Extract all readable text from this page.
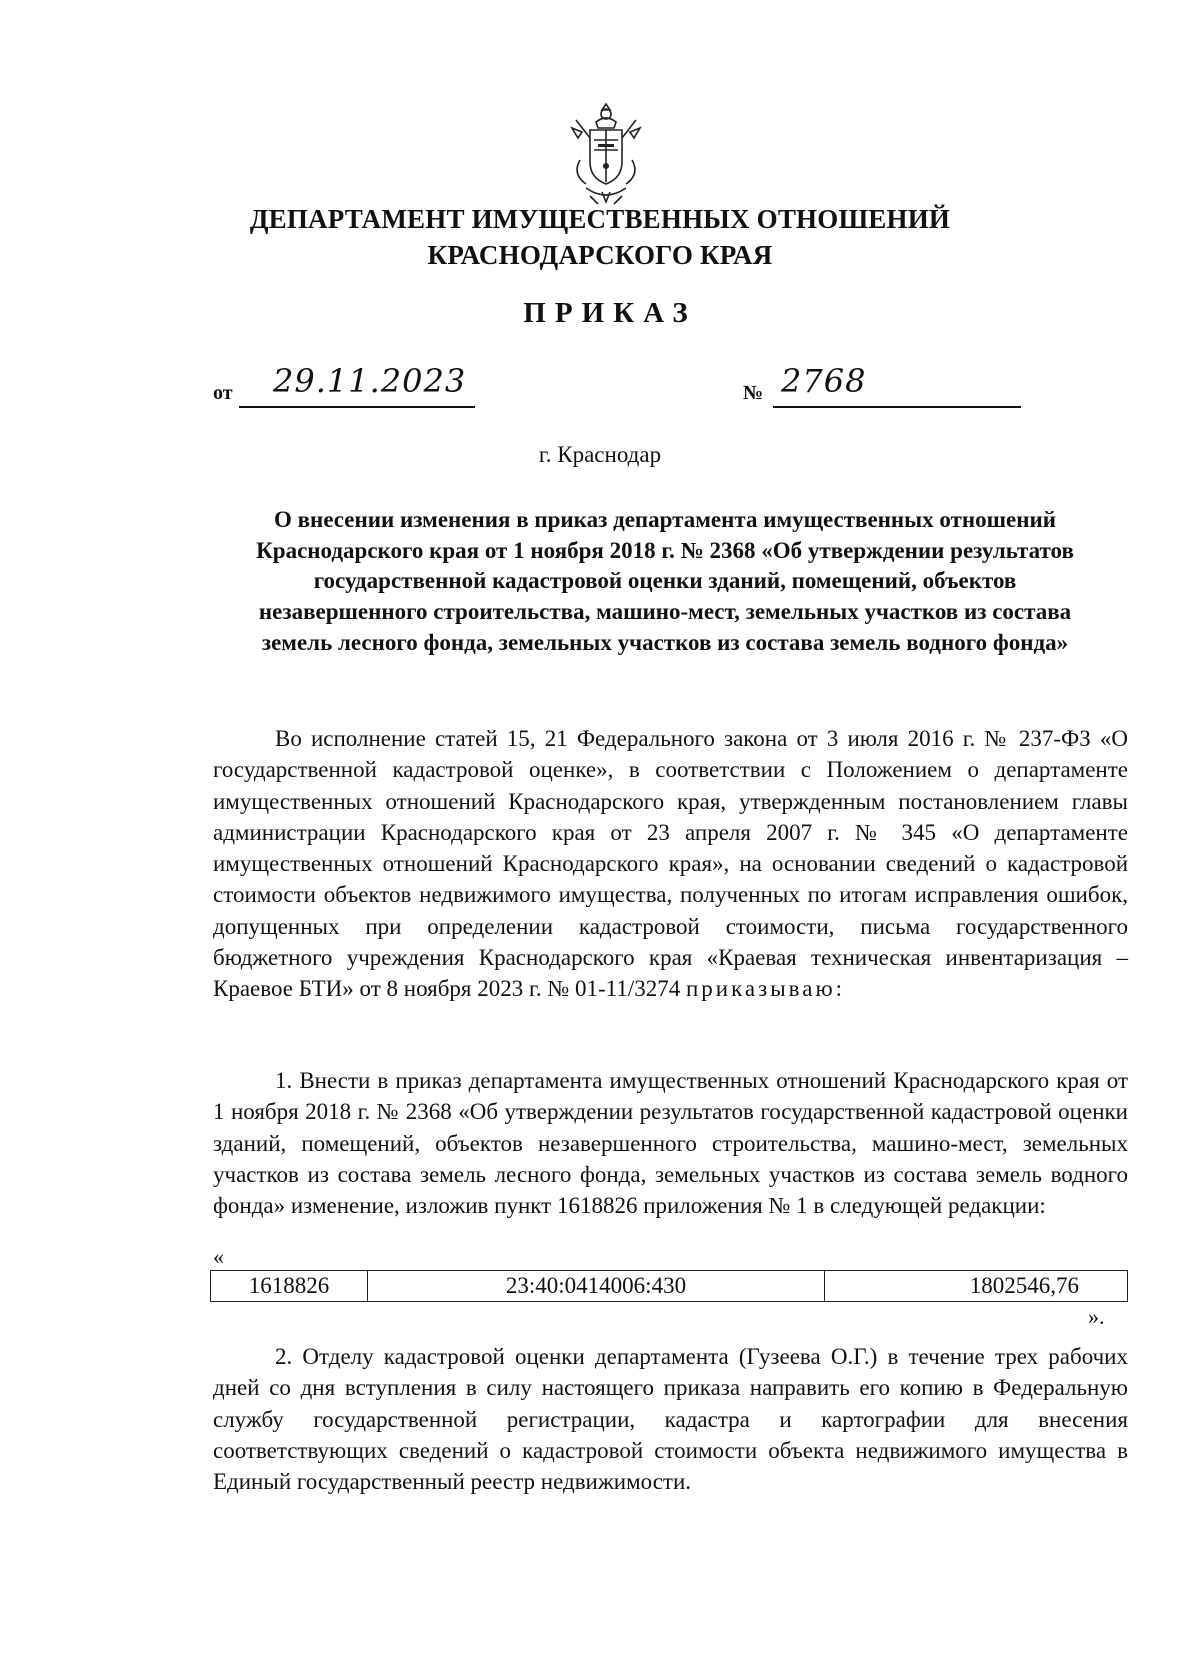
ДЕПАРТАМЕНТ ИМУЩЕСТВЕННЫХ ОТНОШЕНИЙ
КРАСНОДАРСКОГО КРАЯ
ПРИКАЗ
от 29.11.2023	№ 2768
г. Краснодар
О внесении изменения в приказ департамента имущественных отношений Краснодарского края от 1 ноября 2018 г. № 2368 «Об утверждении результатов государственной кадастровой оценки зданий, помещений, объектов незавершенного строительства, машино-мест, земельных участков из состава земель лесного фонда, земельных участков из состава земель водного фонда»
Во исполнение статей 15, 21 Федерального закона от 3 июля 2016 г. № 237-ФЗ «О государственной кадастровой оценке», в соответствии с Положением о департаменте имущественных отношений Краснодарского края, утвержденным постановлением главы администрации Краснодарского края от 23 апреля 2007 г. № 345 «О департаменте имущественных отношений Краснодарского края», на основании сведений о кадастровой стоимости объектов недвижимого имущества, полученных по итогам исправления ошибок, допущенных при определении кадастровой стоимости, письма государственного бюджетного учреждения Краснодарского края «Краевая техническая инвентаризация – Краевое БТИ» от 8 ноября 2023 г. № 01-11/3274 приказываю:
1. Внести в приказ департамента имущественных отношений Краснодарского края от 1 ноября 2018 г. № 2368 «Об утверждении результатов государственной кадастровой оценки зданий, помещений, объектов незавершенного строительства, машино-мест, земельных участков из состава земель лесного фонда, земельных участков из состава земель водного фонда» изменение, изложив пункт 1618826 приложения № 1 в следующей редакции:
«
1618826	23:40:0414006:430	1802546,76
».
2. Отделу кадастровой оценки департамента (Гузеева О.Г.) в течение трех рабочих дней со дня вступления в силу настоящего приказа направить его копию в Федеральную службу государственной регистрации, кадастра и картографии для внесения соответствующих сведений о кадастровой стоимости объекта недвижимого имущества в Единый государственный реестр недвижимости.
